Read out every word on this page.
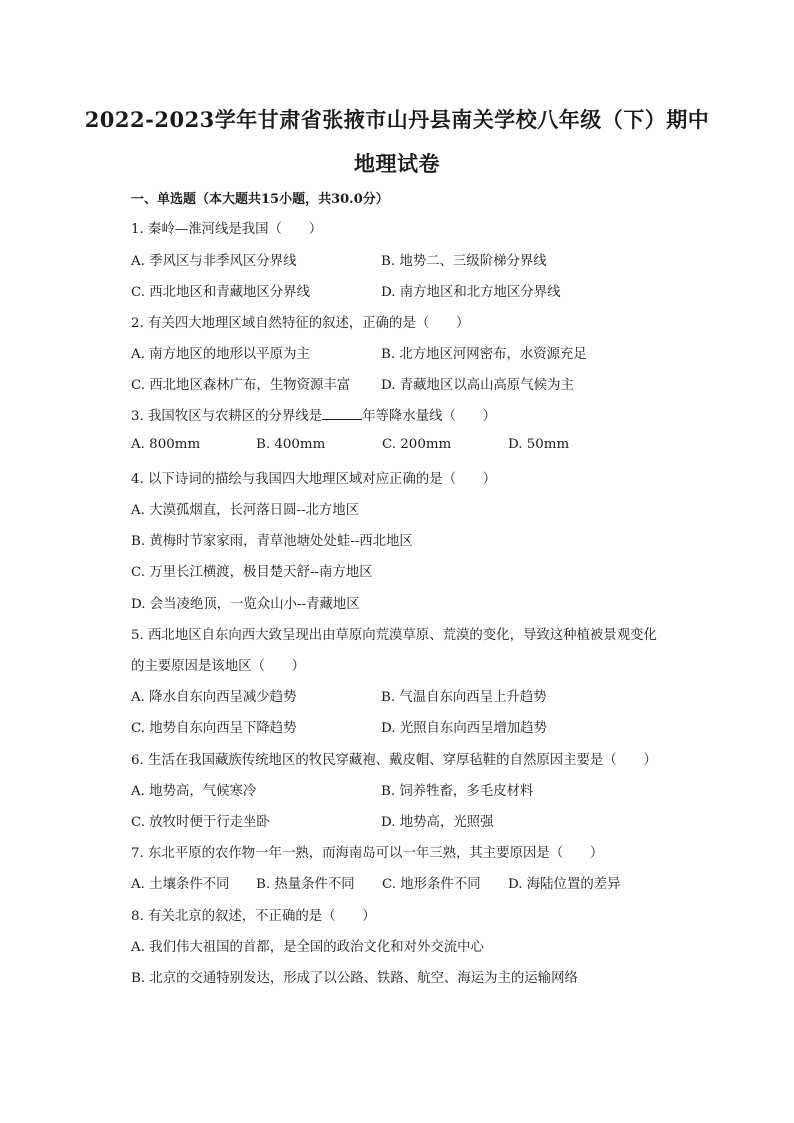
2022-2023学年甘肃省张掖市山丹县南关学校八年级（下）期中
地理试卷
一、单选题（本大题共15小题，共30.0分）
1. 秦岭—淮河线是我国（　　）
A. 季风区与非季风区分界线	B. 地势二、三级阶梯分界线
C. 西北地区和青藏地区分界线	D. 南方地区和北方地区分界线
2. 有关四大地理区域自然特征的叙述，正确的是（　　）
A. 南方地区的地形以平原为主	B. 北方地区河网密布，水资源充足
C. 西北地区森林广布，生物资源丰富 D. 青藏地区以高山高原气候为主
3. 我国牧区与农耕区的分界线是	年等降水量线（　　）
A. 800mm	B. 400mm	C. 200mm	D. 50mm
4. 以下诗词的描绘与我国四大地理区域对应正确的是（　　）
A. 大漠孤烟直，长河落日圆--北方地区
B. 黄梅时节家家雨，青草池塘处处蛙--西北地区
C. 万里长江横渡，极目楚天舒--南方地区
D. 会当凌绝顶，一览众山小--青藏地区
5. 西北地区自东向西大致呈现出由草原向荒漠草原、荒漠的变化，导致这种植被景观变化
的主要原因是该地区（　　）
A. 降水自东向西呈减少趋势	B. 气温自东向西呈上升趋势
C. 地势自东向西呈下降趋势	D. 光照自东向西呈增加趋势
6. 生活在我国藏族传统地区的牧民穿藏袍、戴皮帽、穿厚毡鞋的自然原因主要是（　　）
A. 地势高，气候寒冷	B. 饲养牲畜，多毛皮材料
C. 放牧时便于行走坐卧	D. 地势高，光照强
7. 东北平原的农作物一年一熟，而海南岛可以一年三熟，其主要原因是（　　）
A. 土壤条件不同 B. 热量条件不同 C. 地形条件不同 D. 海陆位置的差异
8. 有关北京的叙述，不正确的是（　　）
A. 我们伟大祖国的首都，是全国的政治文化和对外交流中心
B. 北京的交通特别发达，形成了以公路、铁路、航空、海运为主的运输网络
